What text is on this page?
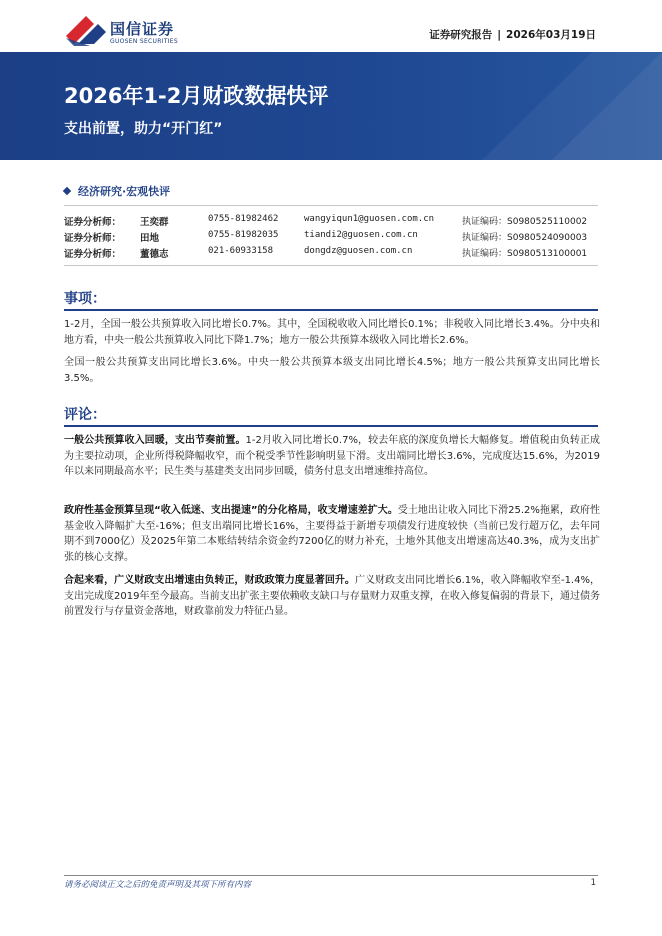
国信证券
GUOSEN SECURITIES
证券研究报告 | 2026年03月19日
2026年1-2月财政数据快评
支出前置，助力“开门红”
经济研究·宏观快评
证券分析师： 王奕群	0755-81982462	wangyiqun1@guosen.com.cn	执证编码：S0980525110002
证券分析师： 田地	0755-81982035	tiandi2@guosen.com.cn	执证编码：S0980524090003
证券分析师： 董德志	021-60933158	dongdz@guosen.com.cn	执证编码：S0980513100001
事项：
1-2月，全国一般公共预算收入同比增长0.7%。其中，全国税收收入同比增长0.1%；非税收入同比增长3.4%。分中央和地方看，中央一般公共预算收入同比下降1.7%；地方一般公共预算本级收入同比增长2.6%。
全国一般公共预算支出同比增长3.6%。中央一般公共预算本级支出同比增长4.5%；地方一般公共预算支出同比增长3.5%。
评论：
一般公共预算收入回暖，支出节奏前置。1-2月收入同比增长0.7%，较去年底的深度负增长大幅修复。增值税由负转正成为主要拉动项，企业所得税降幅收窄，而个税受季节性影响明显下滑。支出端同比增长3.6%，完成度达15.6%，为2019年以来同期最高水平；民生类与基建类支出同步回暖，债务付息支出增速维持高位。
政府性基金预算呈现“收入低迷、支出提速”的分化格局，收支增速差扩大。受土地出让收入同比下滑25.2%拖累，政府性基金收入降幅扩大至-16%；但支出端同比增长16%，主要得益于新增专项债发行进度较快（当前已发行超万亿，去年同期不到7000亿）及2025年第二本账结转结余资金约7200亿的财力补充，土地外其他支出增速高达40.3%，成为支出扩张的核心支撑。
合起来看，广义财政支出增速由负转正，财政政策力度显著回升。广义财政支出同比增长6.1%，收入降幅收窄至-1.4%，支出完成度2019年至今最高。当前支出扩张主要依赖收支缺口与存量财力双重支撑，在收入修复偏弱的背景下，通过债务前置发行与存量资金落地，财政靠前发力特征凸显。
请务必阅读正文之后的免责声明及其项下所有内容	1
